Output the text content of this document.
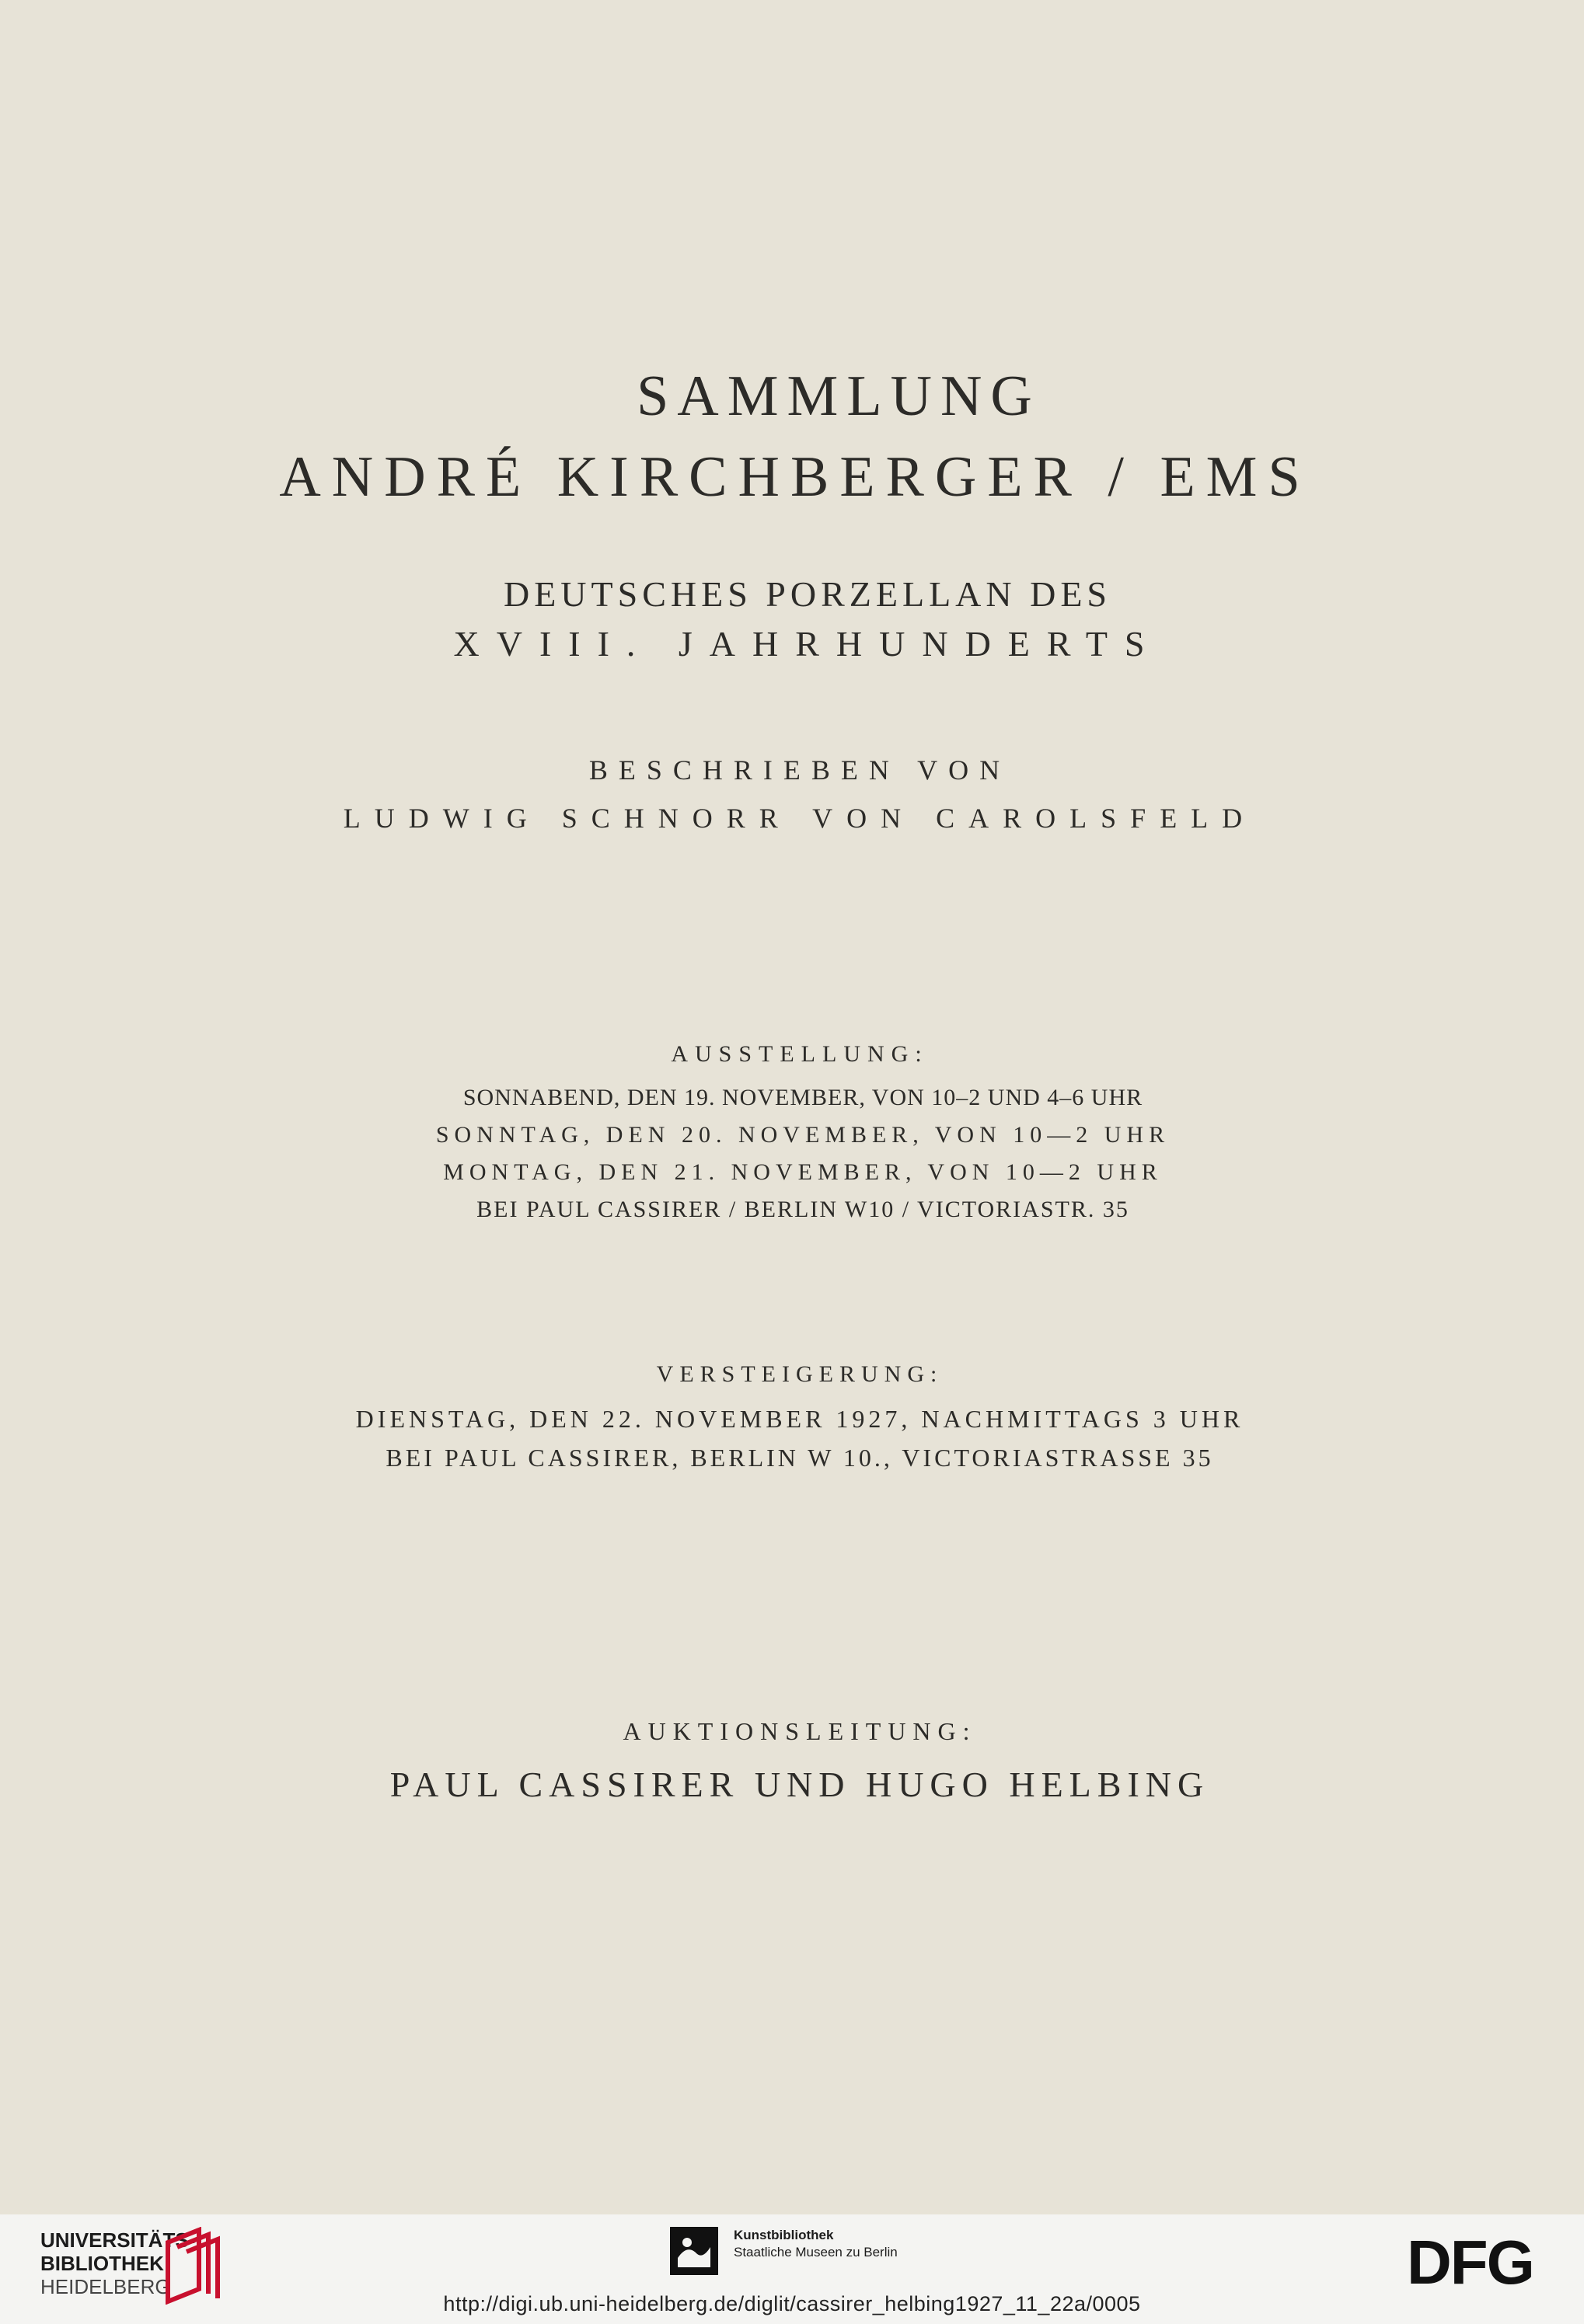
SAMMLUNG
ANDRÉ KIRCHBERGER / EMS
DEUTSCHES PORZELLAN DES
XVIII. JAHRHUNDERTS
BESCHRIEBEN VON
LUDWIG SCHNORR VON CAROLSFELD
AUSSTELLUNG:
SONNABEND, DEN 19. NOVEMBER, VON 10–2 UND 4–6 UHR
SONNTAG, DEN 20. NOVEMBER, VON 10—2 UHR
MONTAG, DEN 21. NOVEMBER, VON 10—2 UHR
BEI PAUL CASSIRER / BERLIN W10 / VICTORIASTR. 35
VERSTEIGERUNG:
DIENSTAG, DEN 22. NOVEMBER 1927, NACHMITTAGS 3 UHR
BEI PAUL CASSIRER, BERLIN W 10., VICTORIASTRASSE 35
AUKTIONSLEITUNG:
PAUL CASSIRER UND HUGO HELBING
UNIVERSITÄTS-
BIBLIOTHEK
HEIDELBERG
Kunstbibliothek
Staatliche Museen zu Berlin	DFG
http://digi.ub.uni-heidelberg.de/diglit/cassirer_helbing1927_11_22a/0005
